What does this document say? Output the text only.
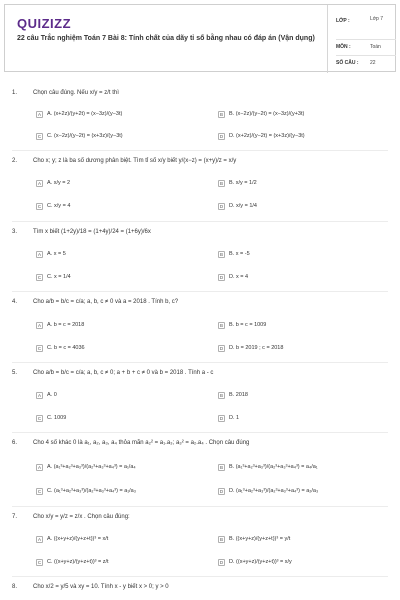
QUIZIZZ
22 câu Trắc nghiệm Toán 7 Bài 8: Tính chất của dãy tỉ số bằng nhau có đáp án (Vận dụng)
LỚP :	Lớp 7
MÔN :	Toán
SỐ CÂU : 22
1.	Chọn câu đúng. Nếu x/y = z/t thì
A	A. (x+2z)/(y+2t) = (x−3z)/(y−3t)	B	B. (x−2z)/(y−2t) = (x−3z)/(y+3t)
C	C. (x−2z)/(y−2t) = (x+3z)/(y−3t)	D	D. (x+2z)/(y−2t) = (x+3z)/(y−3t)
2.	Cho x; y; z là ba số dương phân biệt. Tìm tỉ số x/y biết y/(x−z) = (x+y)/z = x/y
A	A. x/y = 2	B	B. x/y = 1/2
C	C. x/y = 4	D	D. x/y = 1/4
3.	Tìm x biết (1+2y)/18 = (1+4y)/24 = (1+6y)/6x
A	A. x = 5	B	B. x = -5
C	C. x = 1/4	D	D. x = 4
4.	Cho a/b = b/c = c/a; a, b, c ≠ 0 và a = 2018 . Tính b, c?
A	A. b = c = 2018	B	B. b = c = 1009
C	C. b = c = 4036	D	D. b = 2019 ; c = 2018
5.	Cho a/b = b/c = c/a; a, b, c ≠ 0; a + b + c ≠ 0 và b = 2018 . Tính a - c
A	A. 0	B	B. 2018
C	C. 1009	D	D. 1
6.	Cho 4 số khác 0 là a₁, a₂, a₃, a₄ thỏa mãn a₂² = a₁.a₃; a₃² = a₂.a₄ . Chọn câu đúng
A	A. (a₁³+a₂³+a₃³)/(a₂³+a₃³+a₄³) = a₁/a₄	B	B. (a₁³+a₂³+a₃³)/(a₂³+a₃³+a₄³) = a₄/a₁
C	C. (a₁³+a₂³+a₃³)/(a₂³+a₃³+a₄³) = a₁/a₃	D	D. (a₁³+a₂³+a₃³)/(a₂³+a₃³+a₄³) = a₂/a₃
7.	Cho x/y = y/z = z/x . Chọn câu đúng:
A	A. ((x+y+z)/(y+z+t))³ = x/t	B	B. ((x+y+z)/(y+z+t))³ = y/t
C	C. ((x+y+z)/(y+z+t))³ = z/t	D	D. ((x+y+z)/(y+z+t))³ = x/y
8.	Cho x/2 = y/5 và xy = 10. Tính x - y biết x > 0; y > 0
